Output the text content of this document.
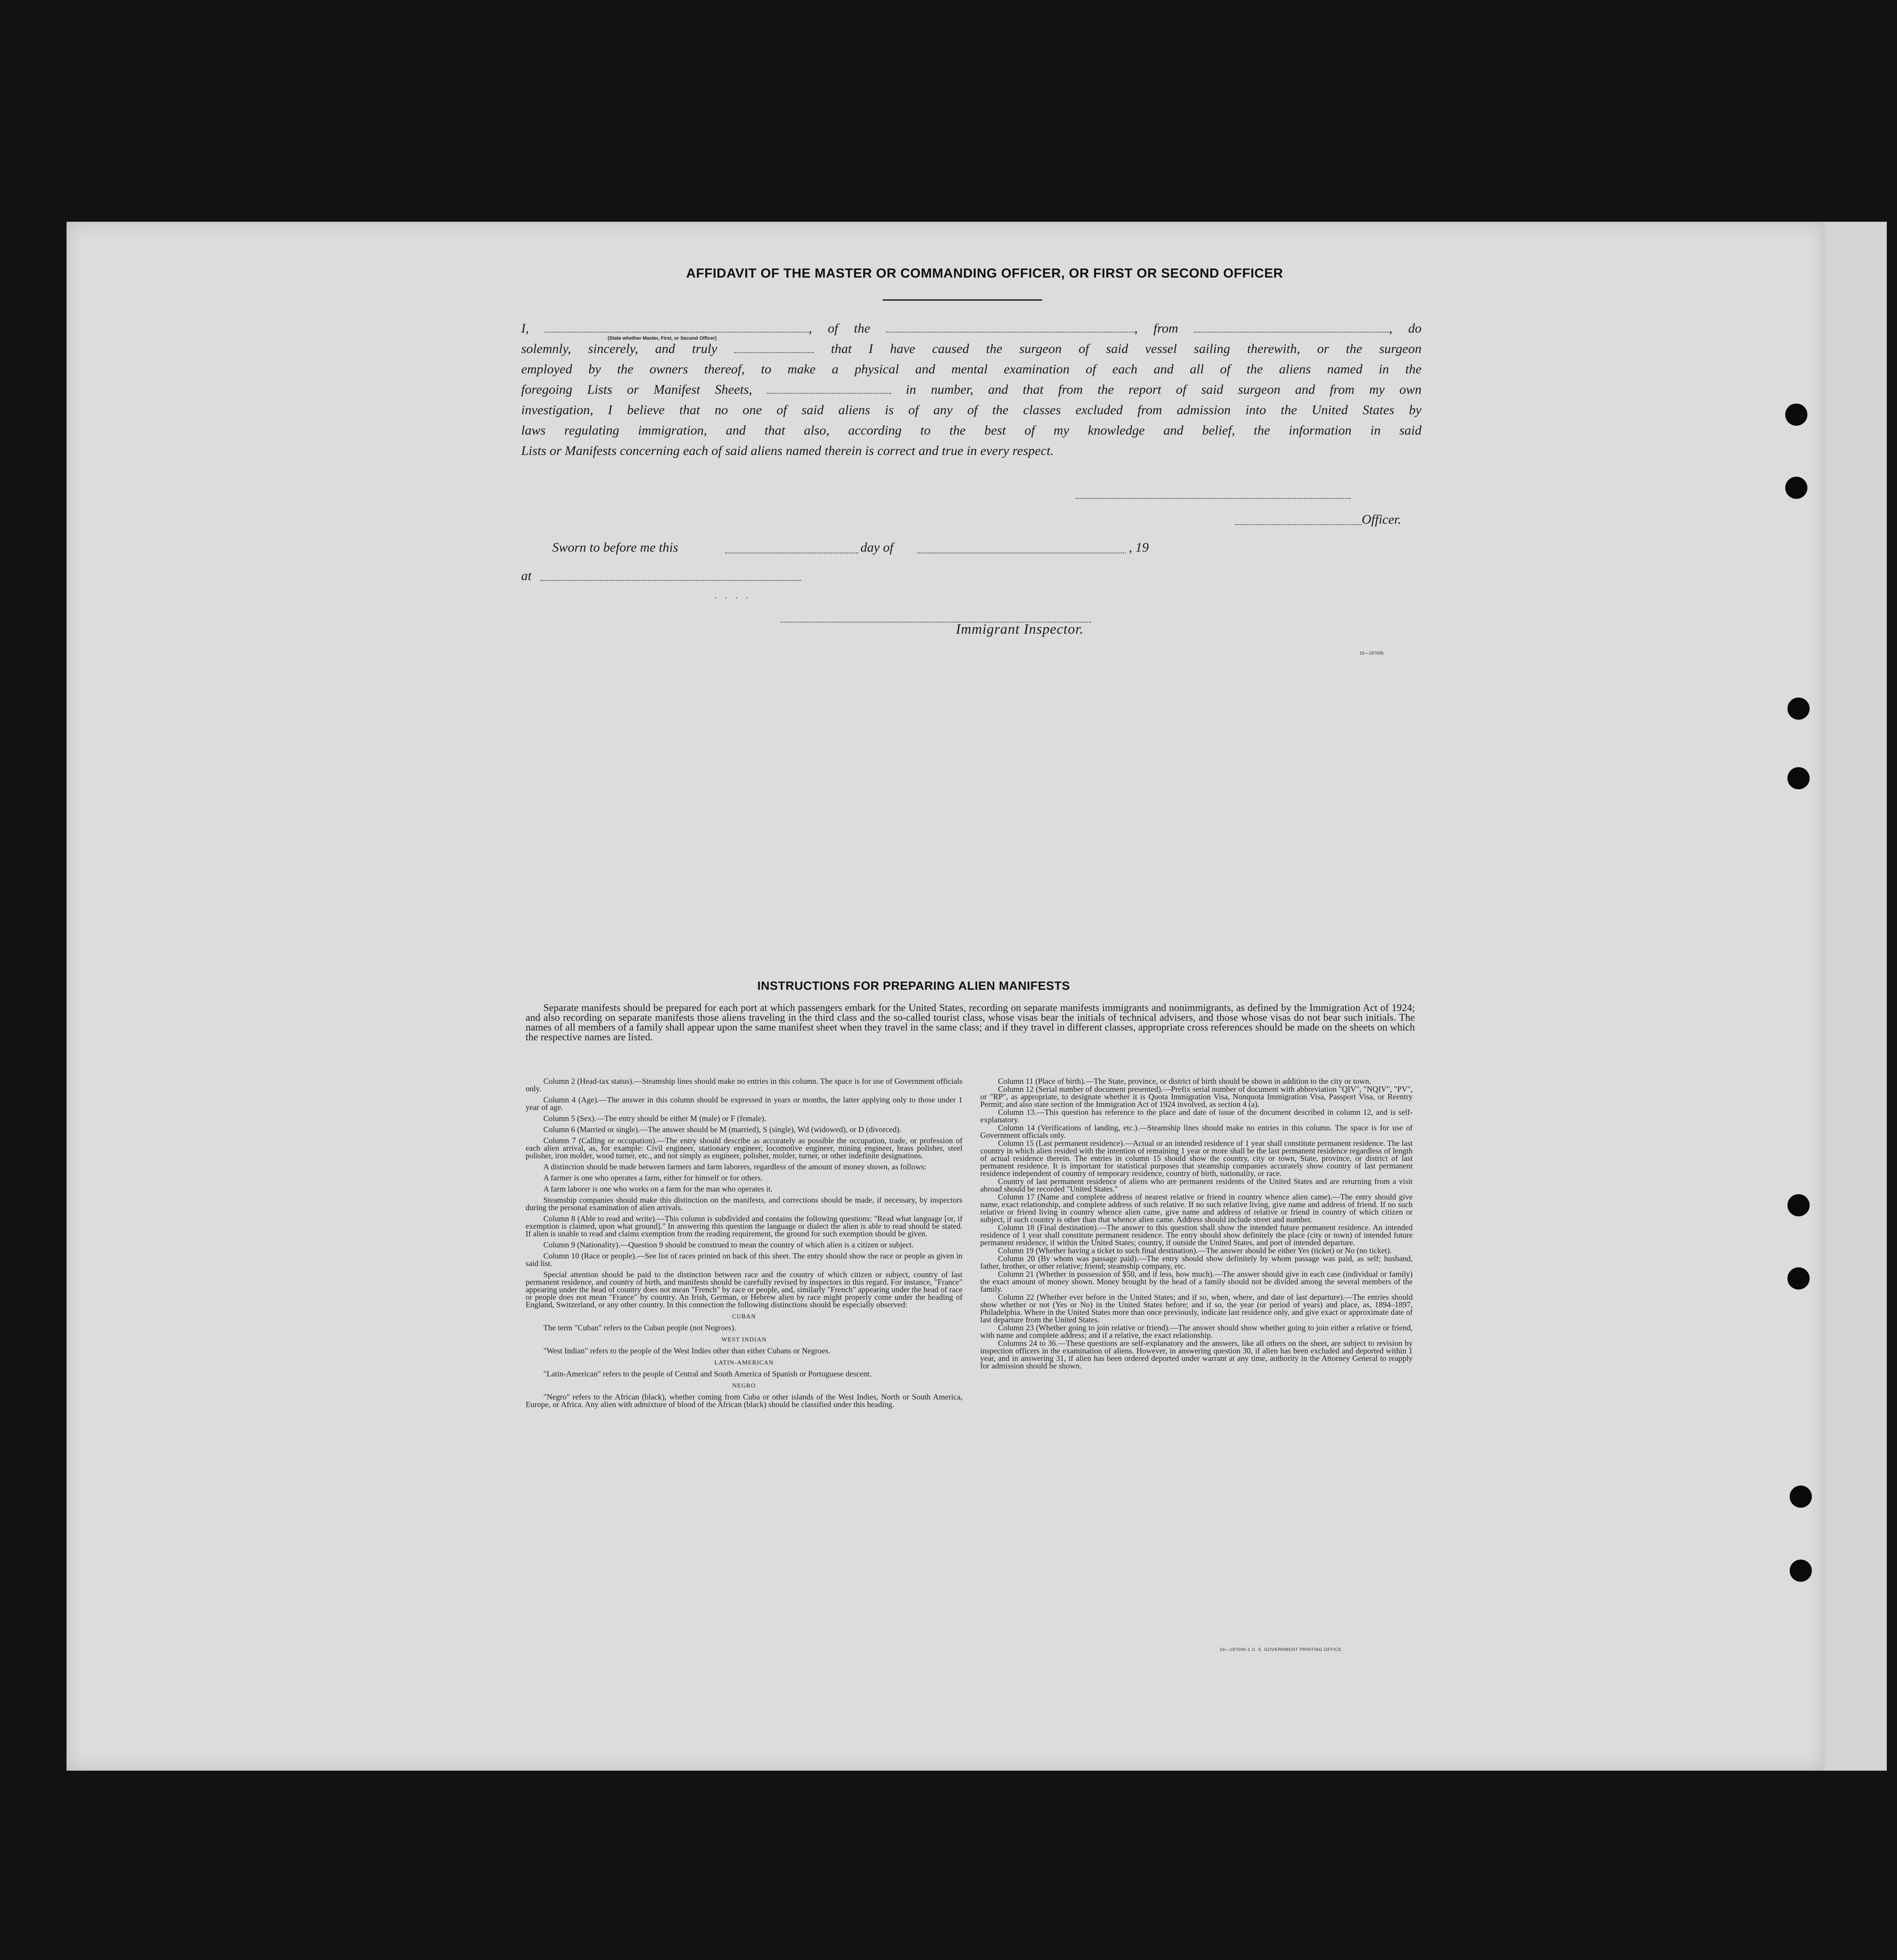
AFFIDAVIT OF THE MASTER OR COMMANDING OFFICER, OR FIRST OR SECOND OFFICER

I,	, of the	, from	, do

solemnly, sincerely, and truly	that I have caused the surgeon of said vessel sailing therewith, or the surgeon

employed by the owners thereof, to make a physical and mental examination of each and all of the aliens named in the

foregoing Lists or Manifest Sheets,	in number, and that from the report of said surgeon and from my own

investigation, I believe that no one of said aliens is of any of the classes excluded from admission into the United States by

laws regulating immigration, and that also, according to the best of my knowledge and belief, the information in said

Lists or Manifests concerning each of said aliens named therein is correct and true in every respect.

(State whether Master, First, or Second Officer)
· · · ·
Officer.
Sworn to before me this	day of	, 19
at
Immigrant Inspector.
16—18700b
INSTRUCTIONS FOR PREPARING ALIEN MANIFESTS

Separate manifests should be prepared for each port at which passengers embark for the United States, recording on separate manifests immigrants and nonimmigrants, as defined by the Immigration Act of 1924; and also recording on separate manifests those aliens traveling in the third class and the so-called tourist class, whose visas bear the initials of technical advisers, and those whose visas do not bear such initials. The names of all members of a family shall appear upon the same manifest sheet when they travel in the same class; and if they travel in different classes, appropriate cross references should be made on the sheets on which the respective names are listed.

Column 2 (Head-tax status).—Steamship lines should make no entries in this column. The space is for use of Government officials only.

Column 4 (Age).—The answer in this column should be expressed in years or months, the latter applying only to those under 1 year of age.

Column 5 (Sex).—The entry should be either M (male) or F (female).

Column 6 (Married or single).—The answer should be M (married), S (single), Wd (widowed), or D (divorced).

Column 7 (Calling or occupation).—The entry should describe as accurately as possible the occupation, trade, or profession of each alien arrival, as, for example: Civil engineer, stationary engineer, locomotive engineer, mining engineer, brass polisher, steel polisher, iron molder, wood turner, etc., and not simply as engineer, polisher, molder, turner, or other indefinite designations.

A distinction should be made between farmers and farm laborers, regardless of the amount of money shown, as follows:

A farmer is one who operates a farm, either for himself or for others.

A farm laborer is one who works on a farm for the man who operates it.

Steamship companies should make this distinction on the manifests, and corrections should be made, if necessary, by inspectors during the personal examination of alien arrivals.

Column 8 (Able to read and write).—This column is subdivided and contains the following questions: "Read what language [or, if exemption is claimed, upon what ground]." In answering this question the language or dialect the alien is able to read should be stated. If alien is unable to read and claims exemption from the reading requirement, the ground for such exemption should be given.

Column 9 (Nationality).—Question 9 should be construed to mean the country of which alien is a citizen or subject.

Column 10 (Race or people).—See list of races printed on back of this sheet. The entry should show the race or people as given in said list.

Special attention should be paid to the distinction between race and the country of which citizen or subject, country of last permanent residence, and country of birth, and manifests should be carefully revised by inspectors in this regard. For instance, "France" appearing under the head of country does not mean "French" by race or people, and, similarly "French" appearing under the head of race or people does not mean "France" by country. An Irish, German, or Hebrew alien by race might properly come under the heading of England, Switzerland, or any other country. In this connection the following distinctions should be especially observed:

CUBAN

The term "Cuban" refers to the Cuban people (not Negroes).

WEST INDIAN

"West Indian" refers to the people of the West Indies other than either Cubans or Negroes.

LATIN-AMERICAN

"Latin-American" refers to the people of Central and South America of Spanish or Portuguese descent.

NEGRO

"Negro" refers to the African (black), whether coming from Cuba or other islands of the West Indies, North or South America, Europe, or Africa. Any alien with admixture of blood of the African (black) should be classified under this heading.

Column 11 (Place of birth).—The State, province, or district of birth should be shown in addition to the city or town.

Column 12 (Serial number of document presented).—Prefix serial number of document with abbreviation "QIV", "NQIV", "PV", or "RP", as appropriate, to designate whether it is Quota Immigration Visa, Nonquota Immigration Visa, Passport Visa, or Reentry Permit; and also state section of the Immigration Act of 1924 involved, as section 4 (a).

Column 13.—This question has reference to the place and date of issue of the document described in column 12, and is self-explanatory.

Column 14 (Verifications of landing, etc.).—Steamship lines should make no entries in this column. The space is for use of Government officials only.

Column 15 (Last permanent residence).—Actual or an intended residence of 1 year shall constitute permanent residence. The last country in which alien resided with the intention of remaining 1 year or more shall be the last permanent residence regardless of length of actual residence therein. The entries in column 15 should show the country, city or town, State, province, or district of last permanent residence. It is important for statistical purposes that steamship companies accurately show country of last permanent residence independent of country of temporary residence, country of birth, nationality, or race.

Country of last permanent residence of aliens who are permanent residents of the United States and are returning from a visit abroad should be recorded "United States."

Column 17 (Name and complete address of nearest relative or friend in country whence alien came).—The entry should give name, exact relationship, and complete address of such relative. If no such relative living, give name and address of friend. If no such relative or friend living in country whence alien came, give name and address of relative or friend in country of which citizen or subject, if such country is other than that whence alien came. Address should include street and number.

Column 18 (Final destination).—The answer to this question shall show the intended future permanent residence. An intended residence of 1 year shall constitute permanent residence. The entry should show definitely the place (city or town) of intended future permanent residence, if within the United States; country, if outside the United States, and port of intended departure.

Column 19 (Whether having a ticket to such final destination).—The answer should be either Yes (ticket) or No (no ticket).

Column 20 (By whom was passage paid).—The entry should show definitely by whom passage was paid, as self; husband, father, brother, or other relative; friend; steamship company, etc.

Column 21 (Whether in possession of $50, and if less, how much).—The answer should give in each case (individual or family) the exact amount of money shown. Money brought by the head of a family should not be divided among the several members of the family.

Column 22 (Whether ever before in the United States; and if so, when, where, and date of last departure).—The entries should show whether or not (Yes or No) in the United States before; and if so, the year (or period of years) and place, as, 1894–1897, Philadelphia. Where in the United States more than once previously, indicate last residence only, and give exact or approximate date of last departure from the United States.

Column 23 (Whether going to join relative or friend).—The answer should show whether going to join either a relative or friend, with name and complete address; and if a relative, the exact relationship.

Columns 24 to 36.—These questions are self-explanatory and the answers, like all others on the sheet, are subject to revision by inspection officers in the examination of aliens. However, in answering question 30, if alien has been excluded and deported within 1 year, and in answering 31, if alien has been ordered deported under warrant at any time, authority in the Attorney General to reapply for admission should be shown.

16—18700b-1 U. S. GOVERNMENT PRINTING OFFICE
